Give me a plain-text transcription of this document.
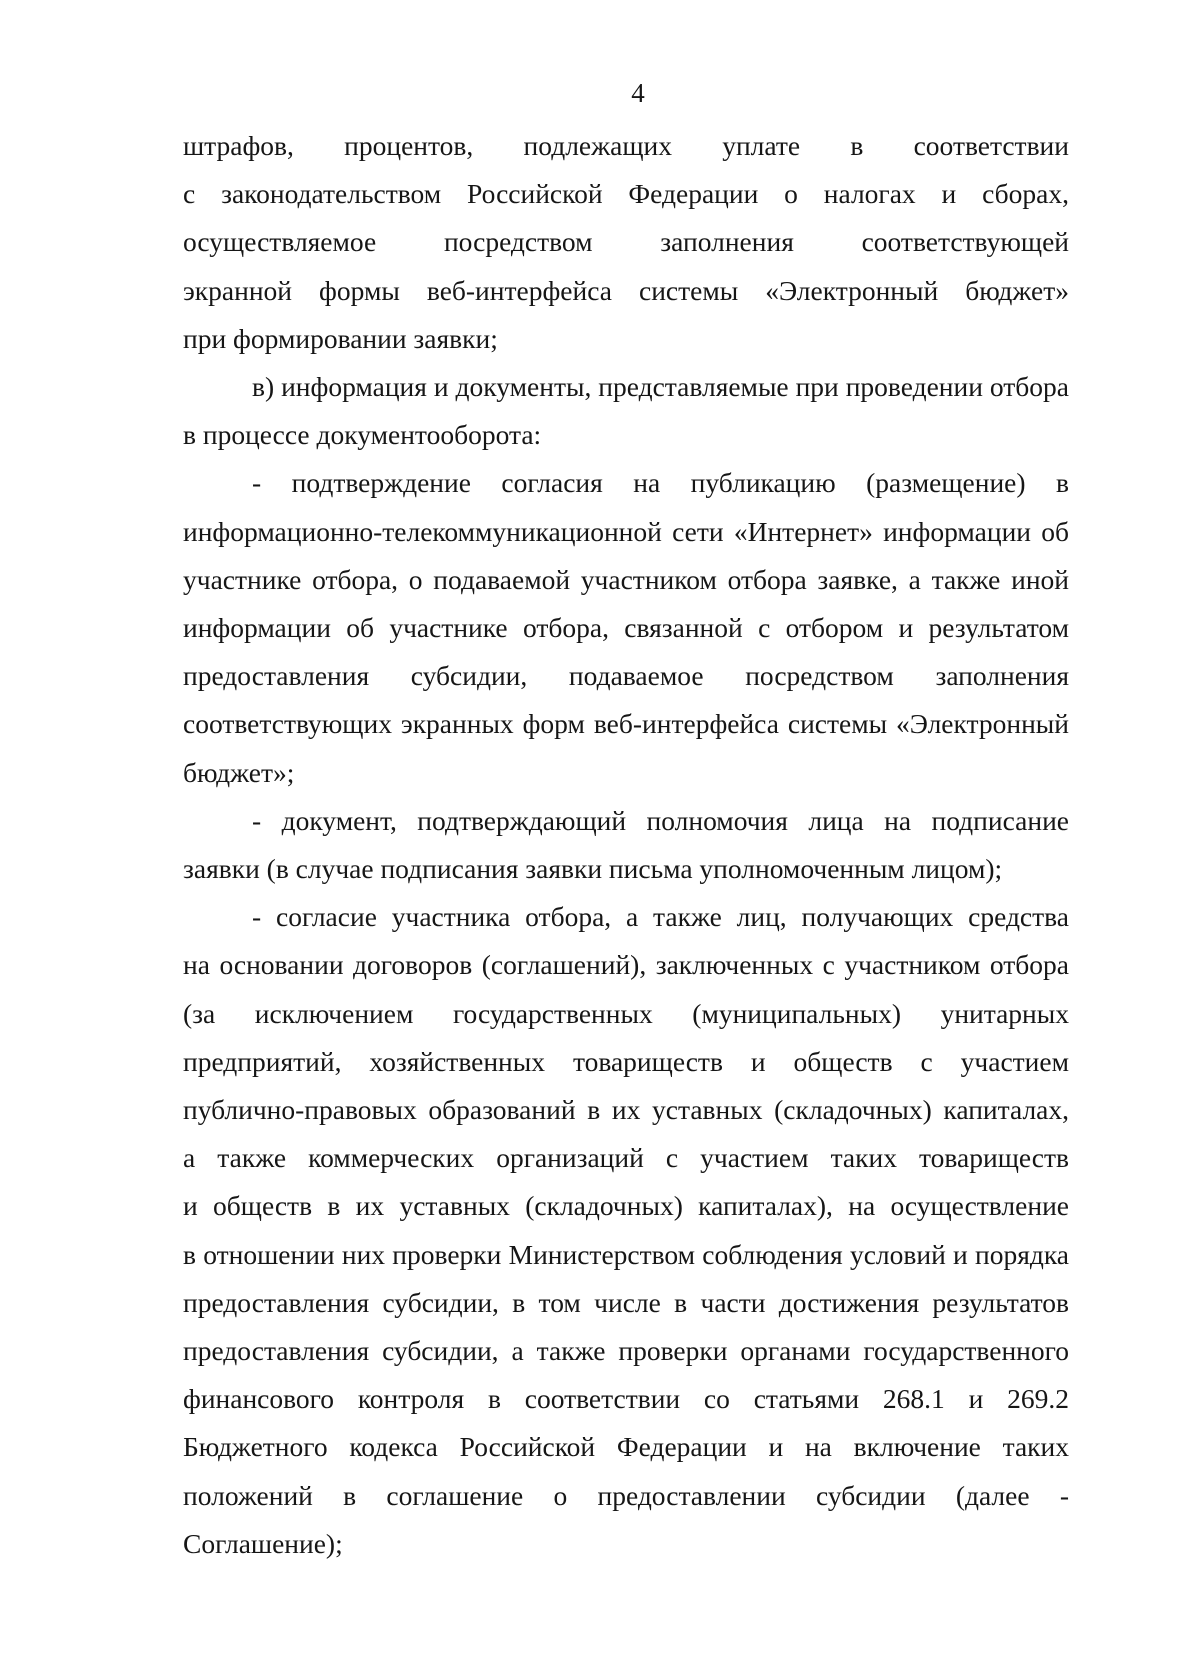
4

штрафов, процентов, подлежащих уплате в соответствии
с законодательством Российской Федерации о налогах и сборах,
осуществляемое посредством заполнения соответствующей
экранной формы веб-интерфейса системы «Электронный бюджет»
при формировании заявки;

в) информация и документы, представляемые при проведении отбора
в процессе документооборота:

- подтверждение согласия на публикацию (размещение) в
информационно-телекоммуникационной сети «Интернет» информации об
участнике отбора, о подаваемой участником отбора заявке, а также иной
информации об участнике отбора, связанной с отбором и результатом
предоставления субсидии, подаваемое посредством заполнения
соответствующих экранных форм веб-интерфейса системы «Электронный
бюджет»;

- документ, подтверждающий полномочия лица на подписание
заявки (в случае подписания заявки письма уполномоченным лицом);

- согласие участника отбора, а также лиц, получающих средства
на основании договоров (соглашений), заключенных с участником отбора
(за исключением государственных (муниципальных) унитарных
предприятий, хозяйственных товариществ и обществ с участием
публично-правовых образований в их уставных (складочных) капиталах,
а также коммерческих организаций с участием таких товариществ
и обществ в их уставных (складочных) капиталах), на осуществление
в отношении них проверки Министерством соблюдения условий и порядка
предоставления субсидии, в том числе в части достижения результатов
предоставления субсидии, а также проверки органами государственного
финансового контроля в соответствии со статьями 268.1 и 269.2
Бюджетного кодекса Российской Федерации и на включение таких
положений в соглашение о предоставлении субсидии (далее -
Соглашение);
